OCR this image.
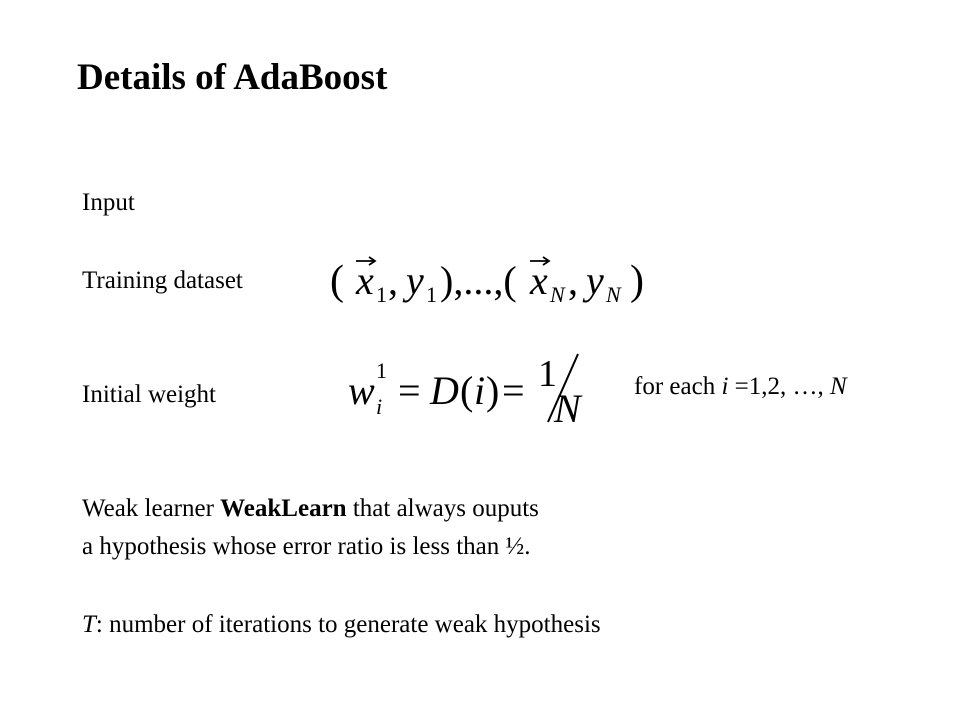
Details of AdaBoost
Input
Training dataset ( x 1 , y 1 ),...,( x N , y N )
Initial weight	w 1
i = D ( i ) = 1
N for each i =1,2, …, N
Weak learner WeakLearn that always ouputs
a hypothesis whose error ratio is less than ½.
T: number of iterations to generate weak hypothesis
